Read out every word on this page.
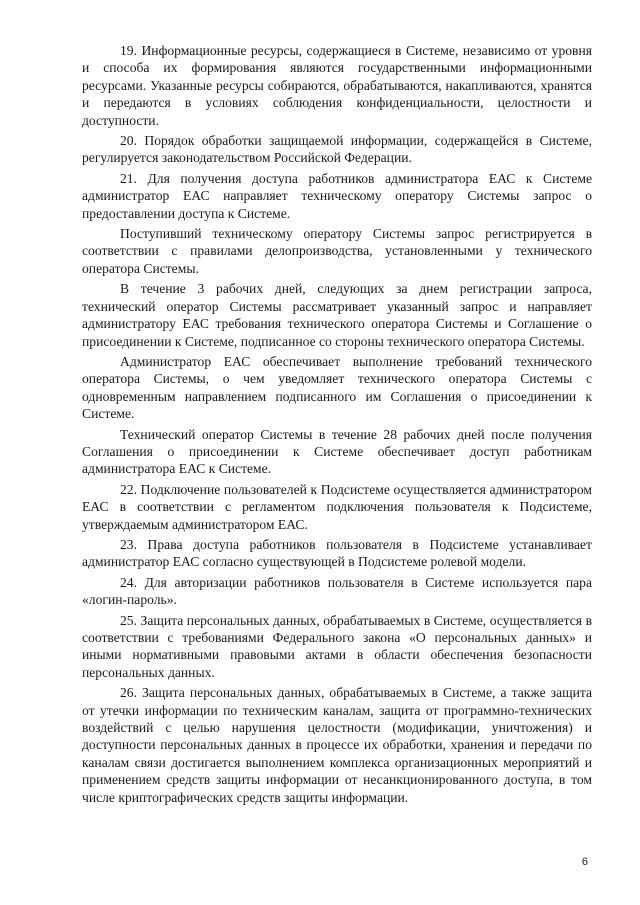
19. Информационные ресурсы, содержащиеся в Системе, независимо от уровня и способа их формирования являются государственными информационными ресурсами. Указанные ресурсы собираются, обрабатываются, накапливаются, хранятся и передаются в условиях соблюдения конфиденциальности, целостности и доступности.

20. Порядок обработки защищаемой информации, содержащейся в Системе, регулируется законодательством Российской Федерации.

21. Для получения доступа работников администратора ЕАС к Системе администратор ЕАС направляет техническому оператору Системы запрос о предоставлении доступа к Системе.

Поступивший техническому оператору Системы запрос регистрируется в соответствии с правилами делопроизводства, установленными у технического оператора Системы.

В течение 3 рабочих дней, следующих за днем регистрации запроса, технический оператор Системы рассматривает указанный запрос и направляет администратору ЕАС требования технического оператора Системы и Соглашение о присоединении к Системе, подписанное со стороны технического оператора Системы.

Администратор ЕАС обеспечивает выполнение требований технического оператора Системы, о чем уведомляет технического оператора Системы с одновременным направлением подписанного им Соглашения о присоединении к Системе.

Технический оператор Системы в течение 28 рабочих дней после получения Соглашения о присоединении к Системе обеспечивает доступ работникам администратора ЕАС к Системе.

22. Подключение пользователей к Подсистеме осуществляется администратором ЕАС в соответствии с регламентом подключения пользователя к Подсистеме, утверждаемым администратором ЕАС.

23. Права доступа работников пользователя в Подсистеме устанавливает администратор ЕАС согласно существующей в Подсистеме ролевой модели.

24. Для авторизации работников пользователя в Системе используется пара «логин-пароль».

25. Защита персональных данных, обрабатываемых в Системе, осуществляется в соответствии с требованиями Федерального закона «О персональных данных» и иными нормативными правовыми актами в области обеспечения безопасности персональных данных.

26. Защита персональных данных, обрабатываемых в Системе, а также защита от утечки информации по техническим каналам, защита от программно-технических воздействий с целью нарушения целостности (модификации, уничтожения) и доступности персональных данных в процессе их обработки, хранения и передачи по каналам связи достигается выполнением комплекса организационных мероприятий и применением средств защиты информации от несанкционированного доступа, в том числе криптографических средств защиты информации.

6
